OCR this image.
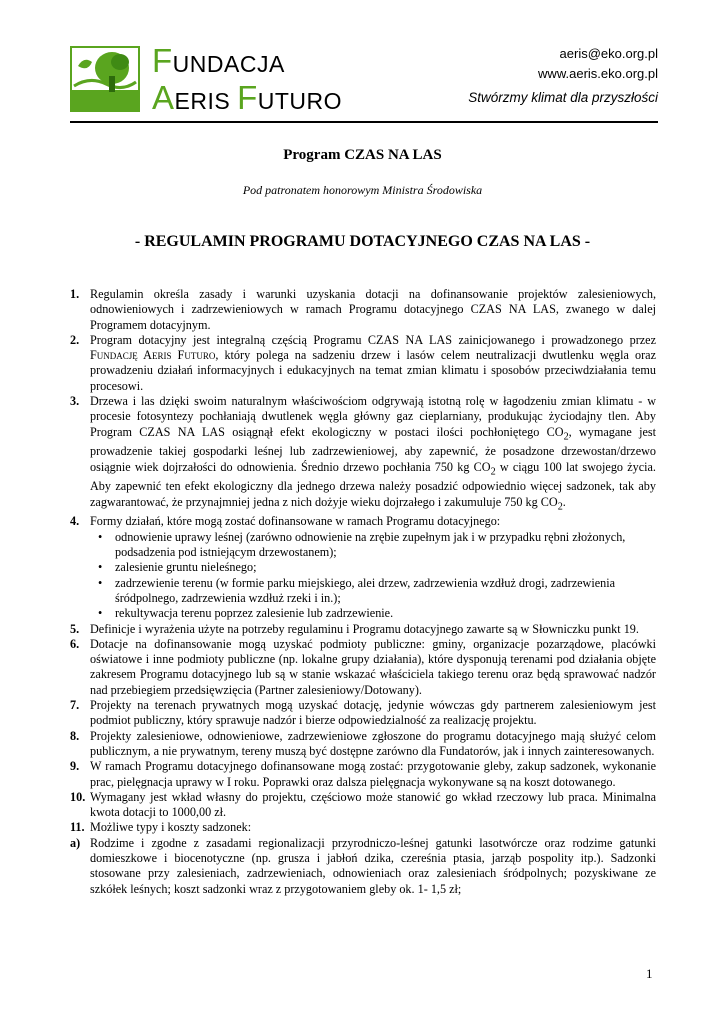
FUNDACJA
AERIS FUTURO
aeris@eko.org.pl
www.aeris.eko.org.pl
Stwórzmy klimat dla przyszłości
Program CZAS NA LAS
Pod patronatem honorowym Ministra Środowiska
- REGULAMIN PROGRAMU DOTACYJNEGO CZAS NA LAS -
1. Regulamin określa zasady i warunki uzyskania dotacji na dofinansowanie projektów zalesieniowych, odnowieniowych i zadrzewieniowych w ramach Programu dotacyjnego CZAS NA LAS, zwanego w dalej Programem dotacyjnym.
2. Program dotacyjny jest integralną częścią Programu CZAS NA LAS zainicjowanego i prowadzonego przez Fundację Aeris Futuro, który polega na sadzeniu drzew i lasów celem neutralizacji dwutlenku węgla oraz prowadzeniu działań informacyjnych i edukacyjnych na temat zmian klimatu i sposobów przeciwdziałania temu procesowi.
3. Drzewa i las dzięki swoim naturalnym właściwościom odgrywają istotną rolę w łagodzeniu zmian klimatu - w procesie fotosyntezy pochłaniają dwutlenek węgla główny gaz cieplarniany, produkując życiodajny tlen. Aby Program CZAS NA LAS osiągnął efekt ekologiczny w postaci ilości pochłoniętego $CO_2$, wymagane jest prowadzenie takiej gospodarki leśnej lub zadrzewieniowej, aby zapewnić, że posadzone drzewostan/drzewo osiągnie wiek dojrzałości do odnowienia. Średnio drzewo pochłania 750 kg $CO_2$ w ciągu 100 lat swojego życia. Aby zapewnić ten efekt ekologiczny dla jednego drzewa należy posadzić odpowiednio więcej sadzonek, tak aby zagwarantować, że przynajmniej jedna z nich dożyje wieku dojrzałego i zakumuluje 750 kg $CO_2$.
4. Formy działań, które mogą zostać dofinansowane w ramach Programu dotacyjnego:
• odnowienie uprawy leśnej (zarówno odnowienie na zrębie zupełnym jak i w przypadku rębni złożonych, podsadzenia pod istniejącym drzewostanem);
• zalesienie gruntu nieleśnego;
• zadrzewienie terenu (w formie parku miejskiego, alei drzew, zadrzewienia wzdłuż drogi, zadrzewienia śródpolnego, zadrzewienia wzdłuż rzeki i in.);
• rekultywacja terenu poprzez zalesienie lub zadrzewienie.
5. Definicje i wyrażenia użyte na potrzeby regulaminu i Programu dotacyjnego zawarte są w Słowniczku punkt 19.
6. Dotacje na dofinansowanie mogą uzyskać podmioty publiczne: gminy, organizacje pozarządowe, placówki oświatowe i inne podmioty publiczne (np. lokalne grupy działania), które dysponują terenami pod działania objęte zakresem Programu dotacyjnego lub są w stanie wskazać właściciela takiego terenu oraz będą sprawować nadzór nad przebiegiem przedsięwzięcia (Partner zalesieniowy/Dotowany).
7. Projekty na terenach prywatnych mogą uzyskać dotację, jedynie wówczas gdy partnerem zalesieniowym jest podmiot publiczny, który sprawuje nadzór i bierze odpowiedzialność za realizację projektu.
8. Projekty zalesieniowe, odnowieniowe, zadrzewieniowe zgłoszone do programu dotacyjnego mają służyć celom publicznym, a nie prywatnym, tereny muszą być dostępne zarówno dla Fundatorów, jak i innych zainteresowanych.
9. W ramach Programu dotacyjnego dofinansowane mogą zostać: przygotowanie gleby, zakup sadzonek, wykonanie prac, pielęgnacja uprawy w I roku. Poprawki oraz dalsza pielęgnacja wykonywane są na koszt dotowanego.
10. Wymagany jest wkład własny do projektu, częściowo może stanowić go wkład rzeczowy lub praca. Minimalna kwota dotacji to 1000,00 zł.
11. Możliwe typy i koszty sadzonek:
a) Rodzime i zgodne z zasadami regionalizacji przyrodniczo-leśnej gatunki lasotwórcze oraz rodzime gatunki domieszkowe i biocenotyczne (np. grusza i jabłoń dzika, czereśnia ptasia, jarząb pospolity itp.). Sadzonki stosowane przy zalesieniach, zadrzewieniach, odnowieniach oraz zalesieniach śródpolnych; pozyskiwane ze szkółek leśnych; koszt sadzonki wraz z przygotowaniem gleby ok. 1- 1,5 zł;
1
